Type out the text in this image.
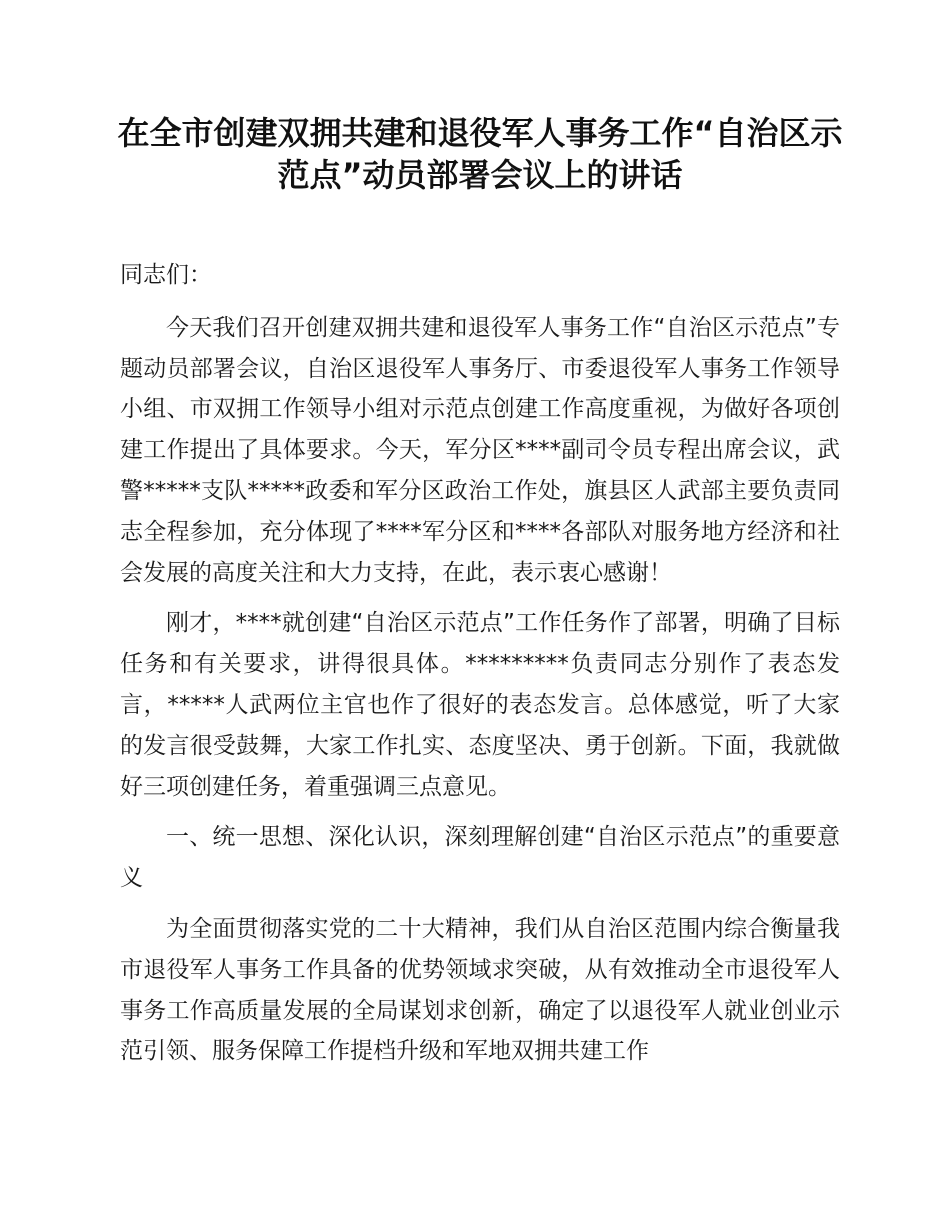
在全市创建双拥共建和退役军人事务工作“自治区示范点”动员部署会议上的讲话

同志们：

今天我们召开创建双拥共建和退役军人事务工作“自治区示范点”专题动员部署会议，自治区退役军人事务厅、市委退役军人事务工作领导小组、市双拥工作领导小组对示范点创建工作高度重视，为做好各项创建工作提出了具体要求。今天，军分区****副司令员专程出席会议，武警*****支队*****政委和军分区政治工作处，旗县区人武部主要负责同志全程参加，充分体现了****军分区和****各部队对服务地方经济和社会发展的高度关注和大力支持，在此，表示衷心感谢！

刚才，****就创建“自治区示范点”工作任务作了部署，明确了目标任务和有关要求，讲得很具体。*********负责同志分别作了表态发言，*****人武两位主官也作了很好的表态发言。总体感觉，听了大家的发言很受鼓舞，大家工作扎实、态度坚决、勇于创新。下面，我就做好三项创建任务，着重强调三点意见。

一、统一思想、深化认识，深刻理解创建“自治区示范点”的重要意义

为全面贯彻落实党的二十大精神，我们从自治区范围内综合衡量我市退役军人事务工作具备的优势领域求突破，从有效推动全市退役军人事务工作高质量发展的全局谋划求创新，确定了以退役军人就业创业示范引领、服务保障工作提档升级和军地双拥共建工作
